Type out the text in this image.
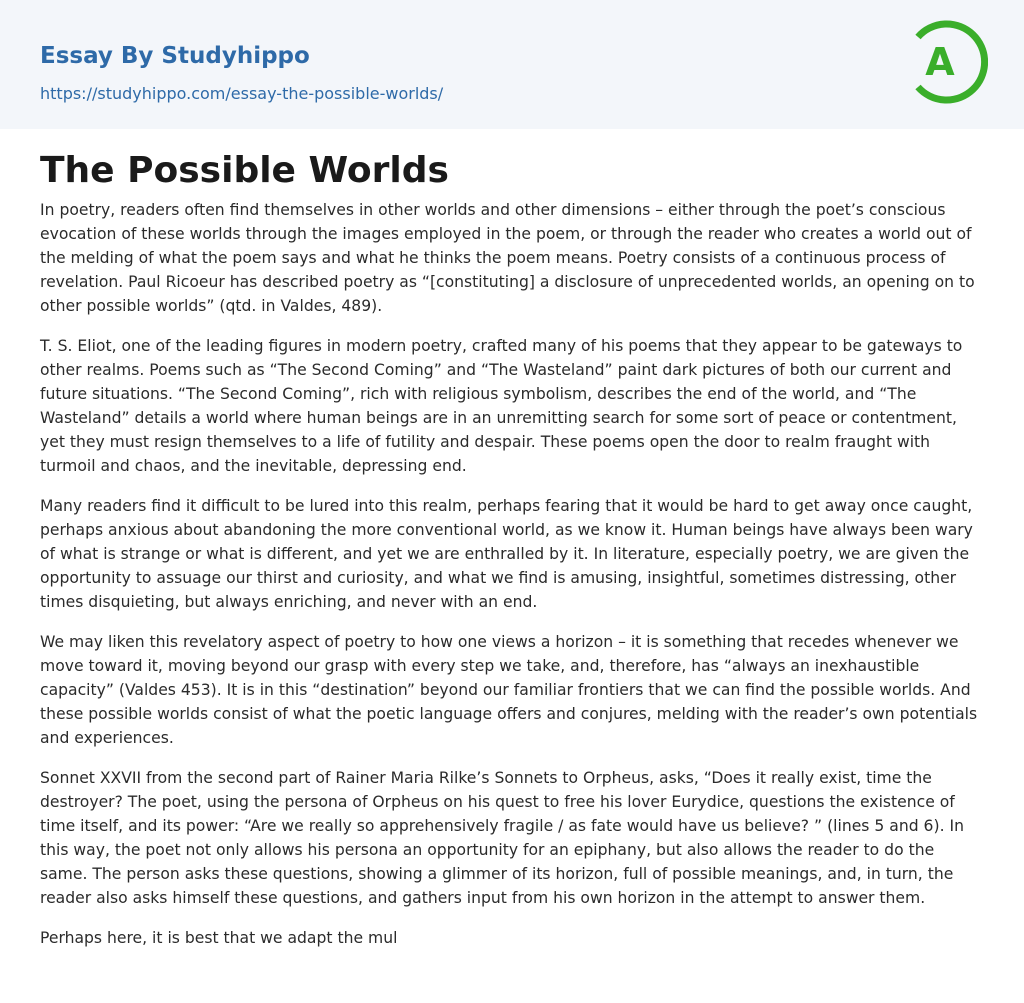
Essay By Studyhippo
https://studyhippo.com/essay-the-possible-worlds/
A
The Possible Worlds

In poetry, readers often find themselves in other worlds and other dimensions – either through the poet’s conscious evocation of these worlds through the images employed in the poem, or through the reader who creates a world out of the melding of what the poem says and what he thinks the poem means. Poetry consists of a continuous process of revelation. Paul Ricoeur has described poetry as “[constituting] a disclosure of unprecedented worlds, an opening on to other possible worlds” (qtd. in Valdes, 489).

T. S. Eliot, one of the leading figures in modern poetry, crafted many of his poems that they appear to be gateways to other realms. Poems such as “The Second Coming” and “The Wasteland” paint dark pictures of both our current and future situations. “The Second Coming”, rich with religious symbolism, describes the end of the world, and “The Wasteland” details a world where human beings are in an unremitting search for some sort of peace or contentment, yet they must resign themselves to a life of futility and despair. These poems open the door to realm fraught with turmoil and chaos, and the inevitable, depressing end.

Many readers find it difficult to be lured into this realm, perhaps fearing that it would be hard to get away once caught, perhaps anxious about abandoning the more conventional world, as we know it. Human beings have always been wary of what is strange or what is different, and yet we are enthralled by it. In literature, especially poetry, we are given the opportunity to assuage our thirst and curiosity, and what we find is amusing, insightful, sometimes distressing, other times disquieting, but always enriching, and never with an end.

We may liken this revelatory aspect of poetry to how one views a horizon – it is something that recedes whenever we move toward it, moving beyond our grasp with every step we take, and, therefore, has “always an inexhaustible capacity” (Valdes 453). It is in this “destination” beyond our familiar frontiers that we can find the possible worlds. And these possible worlds consist of what the poetic language offers and conjures, melding with the reader’s own potentials and experiences.

Sonnet XXVII from the second part of Rainer Maria Rilke’s Sonnets to Orpheus, asks, “Does it really exist, time the destroyer? The poet, using the persona of Orpheus on his quest to free his lover Eurydice, questions the existence of time itself, and its power: “Are we really so apprehensively fragile / as fate would have us believe? ” (lines 5 and 6). In this way, the poet not only allows his persona an opportunity for an epiphany, but also allows the reader to do the same. The person asks these questions, showing a glimmer of its horizon, full of possible meanings, and, in turn, the reader also asks himself these questions, and gathers input from his own horizon in the attempt to answer them.

Perhaps here, it is best that we adapt the mul
